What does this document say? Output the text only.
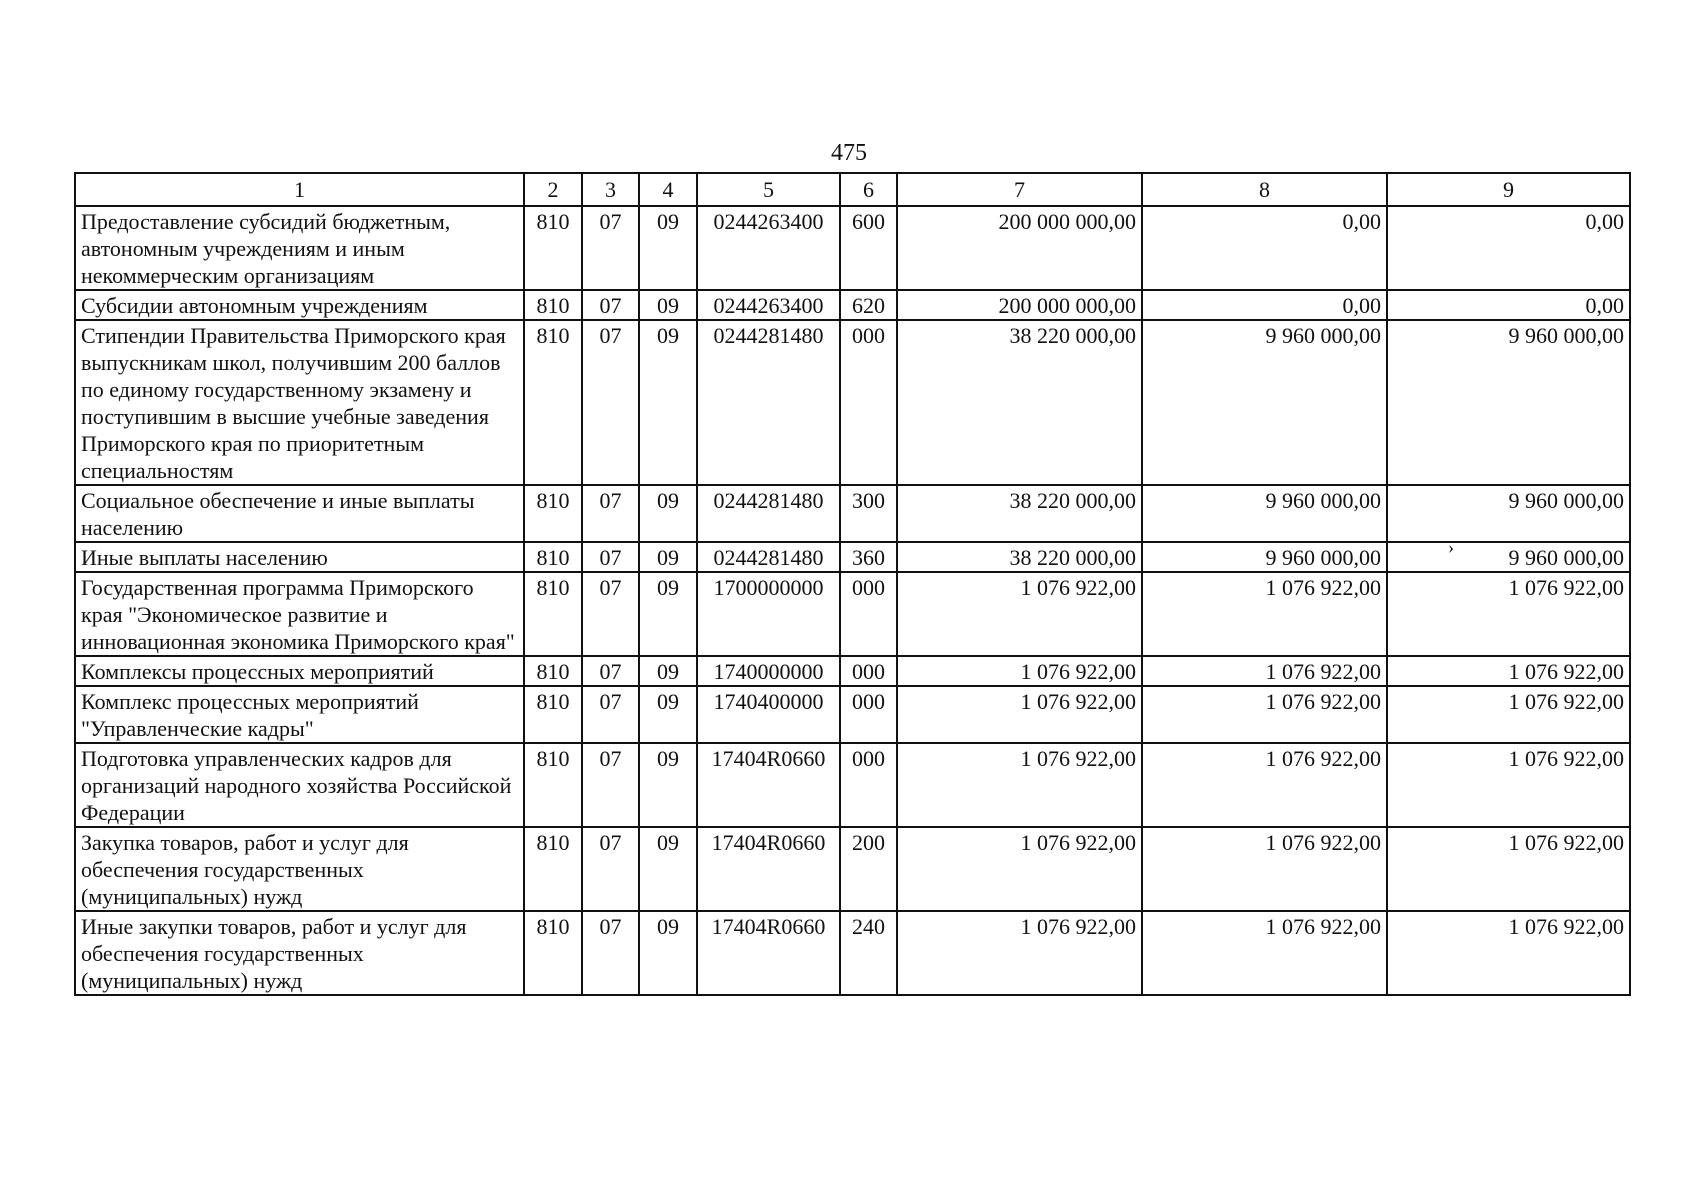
475
1	2	3	4	5	6	7	8	9
Предоставление субсидий бюджетным, автономным учреждениям и иным некоммерческим организациям	810	07	09	0244263400	600	200 000 000,00	0,00	0,00
Субсидии автономным учреждениям	810	07	09	0244263400	620	200 000 000,00	0,00	0,00
Стипендии Правительства Приморского края выпускникам школ, получившим 200 баллов по единому государственному экзамену и поступившим в высшие учебные заведения Приморского края по приоритетным специальностям	810	07	09	0244281480	000	38 220 000,00	9 960 000,00	9 960 000,00
Социальное обеспечение и иные выплаты населению	810	07	09	0244281480	300	38 220 000,00	9 960 000,00	9 960 000,00
Иные выплаты населению	810	07	09	0244281480	360	38 220 000,00	9 960 000,00	9 960 000,00
Государственная программа Приморского края "Экономическое развитие и инновационная экономика Приморского края"	810	07	09	1700000000	000	1 076 922,00	1 076 922,00	1 076 922,00
Комплексы процессных мероприятий	810	07	09	1740000000	000	1 076 922,00	1 076 922,00	1 076 922,00
Комплекс процессных мероприятий "Управленческие кадры"	810	07	09	1740400000	000	1 076 922,00	1 076 922,00	1 076 922,00
Подготовка управленческих кадров для организаций народного хозяйства Российской Федерации	810	07	09	17404R0660	000	1 076 922,00	1 076 922,00	1 076 922,00
Закупка товаров, работ и услуг для обеспечения государственных (муниципальных) нужд	810	07	09	17404R0660	200	1 076 922,00	1 076 922,00	1 076 922,00
Иные закупки товаров, работ и услуг для обеспечения государственных (муниципальных) нужд	810	07	09	17404R0660	240	1 076 922,00	1 076 922,00	1 076 922,00
›
